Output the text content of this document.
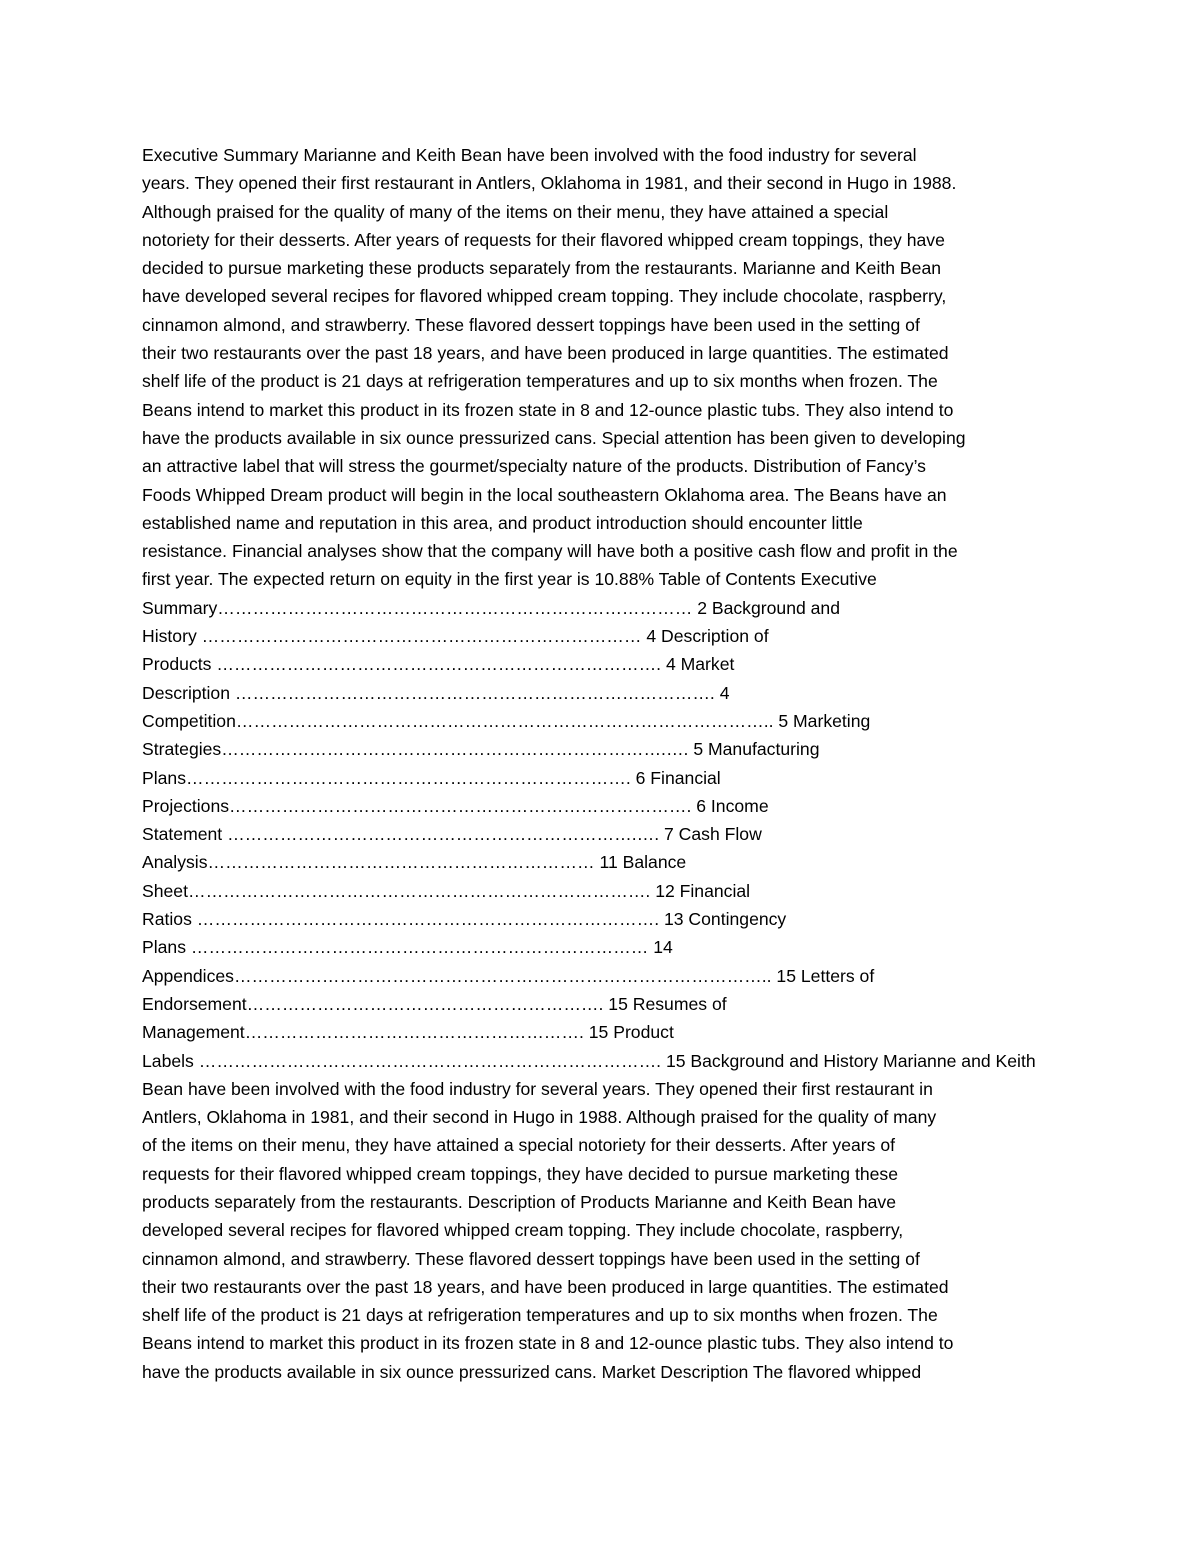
Executive Summary Marianne and Keith Bean have been involved with the food industry for several
years. They opened their first restaurant in Antlers, Oklahoma in 1981, and their second in Hugo in 1988.
Although praised for the quality of many of the items on their menu, they have attained a special
notoriety for their desserts. After years of requests for their flavored whipped cream toppings, they have
decided to pursue marketing these products separately from the restaurants. Marianne and Keith Bean
have developed several recipes for flavored whipped cream topping. They include chocolate, raspberry,
cinnamon almond, and strawberry. These flavored dessert toppings have been used in the setting of
their two restaurants over the past 18 years, and have been produced in large quantities. The estimated
shelf life of the product is 21 days at refrigeration temperatures and up to six months when frozen. The
Beans intend to market this product in its frozen state in 8 and 12-ounce plastic tubs. They also intend to
have the products available in six ounce pressurized cans. Special attention has been given to developing
an attractive label that will stress the gourmet/specialty nature of the products. Distribution of Fancy’s
Foods Whipped Dream product will begin in the local southeastern Oklahoma area. The Beans have an
established name and reputation in this area, and product introduction should encounter little
resistance. Financial analyses show that the company will have both a positive cash flow and profit in the
first year. The expected return on equity in the first year is 10.88% Table of Contents Executive
Summary……………………………………………………………………… 2 Background and
History ………………………………………………………………… 4 Description of
Products …………………………………………………………………. 4 Market
Description ………………………………………………………………………. 4
Competition……………………………………………………………………………….. 5 Marketing
Strategies………………………………………………………………….…. 5 Manufacturing
Plans…………………………………………………………………. 6 Financial
Projections……………………………………………………………………. 6 Income
Statement …………………………………………………………….…. 7 Cash Flow
Analysis………………………………………………………… 11 Balance
Sheet……………………………………………………………………. 12 Financial
Ratios ……………………………………………………………………. 13 Contingency
Plans …………………………………………………………………… 14
Appendices……………………………………………………………………………….. 15 Letters of
Endorsement……………………………………………………. 15 Resumes of
Management…………………………………………………. 15 Product
Labels ……………………………………………………………………. 15 Background and History Marianne and Keith
Bean have been involved with the food industry for several years. They opened their first restaurant in
Antlers, Oklahoma in 1981, and their second in Hugo in 1988. Although praised for the quality of many
of the items on their menu, they have attained a special notoriety for their desserts. After years of
requests for their flavored whipped cream toppings, they have decided to pursue marketing these
products separately from the restaurants. Description of Products Marianne and Keith Bean have
developed several recipes for flavored whipped cream topping. They include chocolate, raspberry,
cinnamon almond, and strawberry. These flavored dessert toppings have been used in the setting of
their two restaurants over the past 18 years, and have been produced in large quantities. The estimated
shelf life of the product is 21 days at refrigeration temperatures and up to six months when frozen. The
Beans intend to market this product in its frozen state in 8 and 12-ounce plastic tubs. They also intend to
have the products available in six ounce pressurized cans. Market Description The flavored whipped
